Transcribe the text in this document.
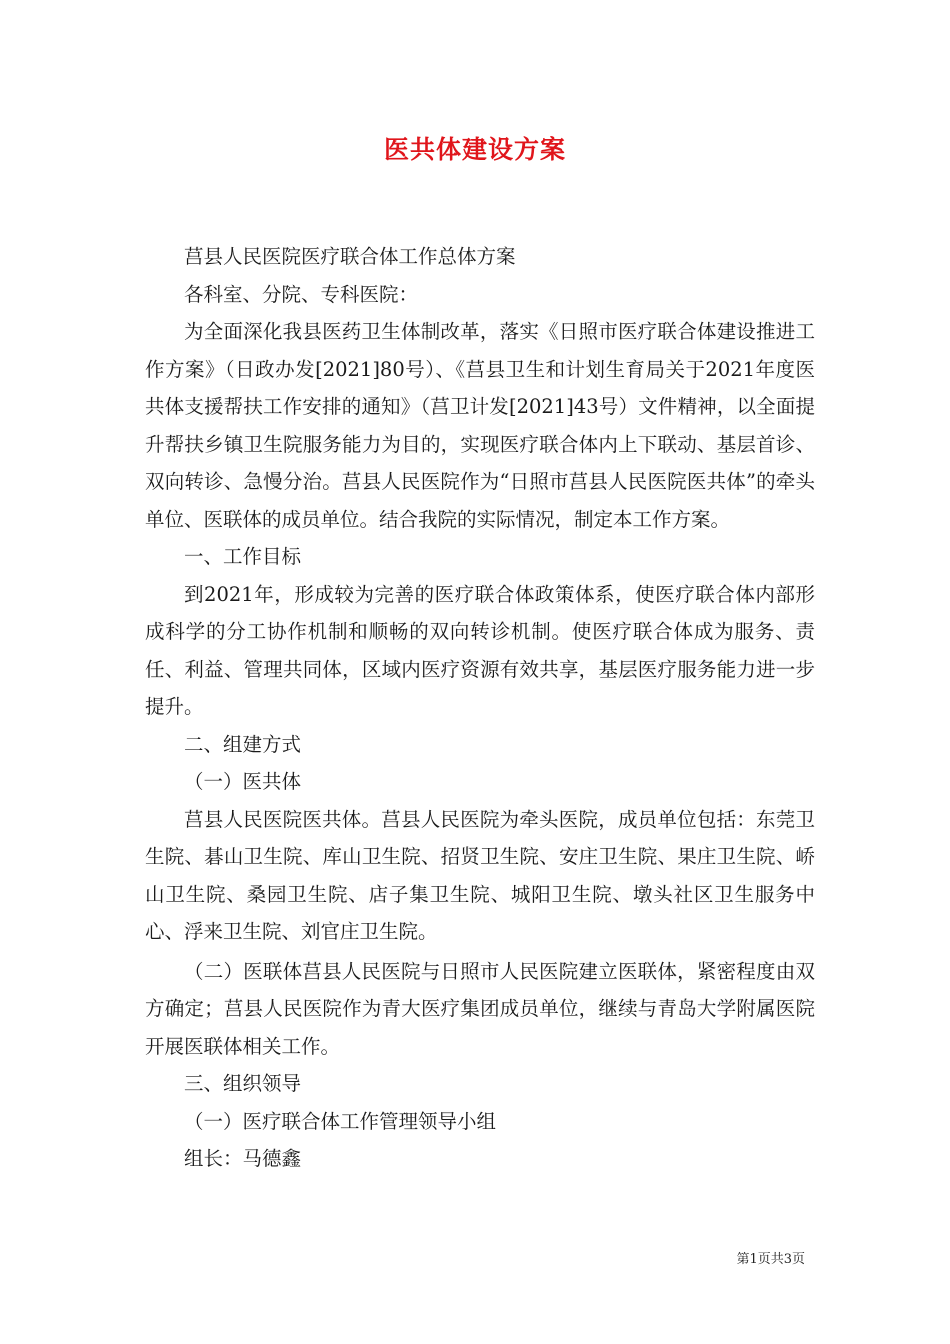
医共体建设方案

莒县人民医院医疗联合体工作总体方案

各科室、分院、专科医院：

为全面深化我县医药卫生体制改革，落实《日照市医疗联合体建设推进工作方案》（日政办发[2021]80号）、《莒县卫生和计划生育局关于2021年度医共体支援帮扶工作安排的通知》（莒卫计发[2021]43号）文件精神，以全面提升帮扶乡镇卫生院服务能力为目的，实现医疗联合体内上下联动、基层首诊、双向转诊、急慢分治。莒县人民医院作为“日照市莒县人民医院医共体”的牵头单位、医联体的成员单位。结合我院的实际情况，制定本工作方案。

一、工作目标

到2021年，形成较为完善的医疗联合体政策体系，使医疗联合体内部形成科学的分工协作机制和顺畅的双向转诊机制。使医疗联合体成为服务、责任、利益、管理共同体，区域内医疗资源有效共享，基层医疗服务能力进一步提升。

二、组建方式

（一）医共体

莒县人民医院医共体。莒县人民医院为牵头医院，成员单位包括：东莞卫生院、碁山卫生院、库山卫生院、招贤卫生院、安庄卫生院、果庄卫生院、峤山卫生院、桑园卫生院、店子集卫生院、城阳卫生院、墩头社区卫生服务中心、浮来卫生院、刘官庄卫生院。

（二）医联体莒县人民医院与日照市人民医院建立医联体，紧密程度由双方确定；莒县人民医院作为青大医疗集团成员单位，继续与青岛大学附属医院开展医联体相关工作。

三、组织领导

（一）医疗联合体工作管理领导小组

组长：马德鑫

第1页共3页
